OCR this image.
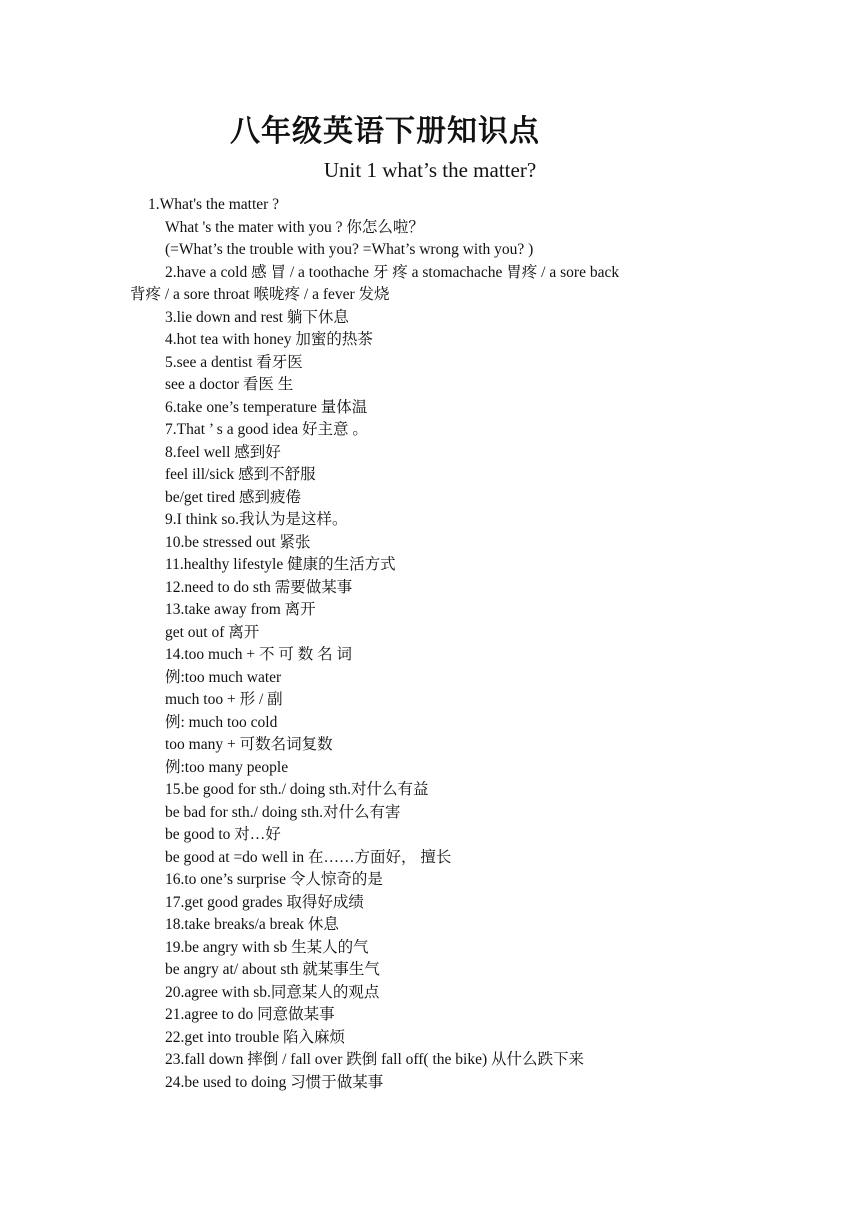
八年级英语下册知识点
Unit 1 what’s the matter?
1.What's the matter ?
What 's the mater with you ? 你怎么啦？
(=What’s the trouble with you? =What’s wrong with you? )
2.have a cold 感 冒 / a toothache 牙 疼 a stomachache 胃疼 / a sore back
背疼 / a sore throat 喉咙疼 / a fever 发烧
3.lie down and rest 躺下休息
4.hot tea with honey 加蜜的热茶
5.see a dentist 看牙医
see a doctor 看医 生
6.take one’s temperature 量体温
7.That ’ s a good idea 好主意 。
8.feel well 感到好
feel ill/sick 感到不舒服
be/get tired 感到疲倦
9.I think so.我认为是这样。
10.be stressed out 紧张
11.healthy lifestyle 健康的生活方式
12.need to do sth 需要做某事
13.take away from 离开
get out of 离开
14.too much + 不 可 数 名 词
例:too much water
much too + 形 / 副
例: much too cold
too many + 可数名词复数
例:too many people
15.be good for sth./ doing sth.对什么有益
be bad for sth./ doing sth.对什么有害
be good to 对…好
be good at =do well in 在……方面好， 擅长
16.to one’s surprise 令人惊奇的是
17.get good grades 取得好成绩
18.take breaks/a break 休息
19.be angry with sb 生某人的气
be angry at/ about sth 就某事生气
20.agree with sb.同意某人的观点
21.agree to do 同意做某事
22.get into trouble 陷入麻烦
23.fall down 摔倒 / fall over 跌倒 fall off( the bike) 从什么跌下来
24.be used to doing 习惯于做某事
